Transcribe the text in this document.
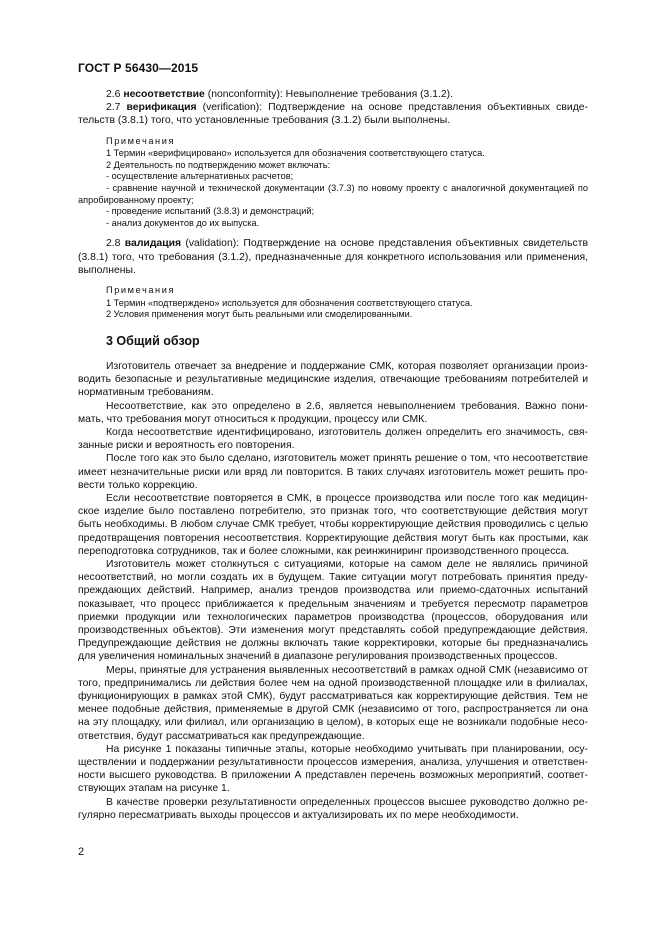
ГОСТ Р 56430—2015

2.6 несоответствие (nonconformity): Невыполнение требования (3.1.2).

2.7 верификация (verification): Подтверждение на основе представления объективных свиде-тельств (3.8.1) того, что установленные требования (3.1.2) были выполнены.

Примечания
1 Термин «верифицировано» используется для обозначения соответствующего статуса.
2 Деятельность по подтверждению может включать:
- осуществление альтернативных расчетов;
- сравнение научной и технической документации (3.7.3) по новому проекту с аналогичной документацией по апробированному проекту;
- проведение испытаний (3.8.3) и демонстраций;
- анализ документов до их выпуска.

2.8 валидация (validation): Подтверждение на основе представления объективных свидетельств (3.8.1) того, что требования (3.1.2), предназначенные для конкретного использования или применения, выполнены.

Примечания
1 Термин «подтверждено» используется для обозначения соответствующего статуса.
2 Условия применения могут быть реальными или смоделированными.
3 Общий обзор

Изготовитель отвечает за внедрение и поддержание СМК, которая позволяет организации произ-водить безопасные и результативные медицинские изделия, отвечающие требованиям потребителей и нормативным требованиям.

Несоответствие, как это определено в 2.6, является невыполнением требования. Важно пони-мать, что требования могут относиться к продукции, процессу или СМК.

Когда несоответствие идентифицировано, изготовитель должен определить его значимость, свя-занные риски и вероятность его повторения.

После того как это было сделано, изготовитель может принять решение о том, что несоответствие имеет незначительные риски или вряд ли повторится. В таких случаях изготовитель может решить про-вести только коррекцию.

Если несоответствие повторяется в СМК, в процессе производства или после того как медицин-ское изделие было поставлено потребителю, это признак того, что соответствующие действия могут быть необходимы. В любом случае СМК требует, чтобы корректирующие действия проводились с целью предотвращения повторения несоответствия. Корректирующие действия могут быть как простыми, как переподготовка сотрудников, так и более сложными, как реинжиниринг производственного процесса.

Изготовитель может столкнуться с ситуациями, которые на самом деле не являлись причиной несоответствий, но могли создать их в будущем. Такие ситуации могут потребовать принятия преду-преждающих действий. Например, анализ трендов производства или приемо-сдаточных испытаний показывает, что процесс приближается к предельным значениям и требуется пересмотр параметров приемки продукции или технологических параметров производства (процессов, оборудования или производственных объектов). Эти изменения могут представлять собой предупреждающие действия. Предупреждающие действия не должны включать такие корректировки, которые бы предназначались для увеличения номинальных значений в диапазоне регулирования производственных процессов.

Меры, принятые для устранения выявленных несоответствий в рамках одной СМК (независимо от того, предпринимались ли действия более чем на одной производственной площадке или в филиалах, функционирующих в рамках этой СМК), будут рассматриваться как корректирующие действия. Тем не менее подобные действия, применяемые в другой СМК (независимо от того, распространяется ли она на эту площадку, или филиал, или организацию в целом), в которых еще не возникали подобные несо-ответствия, будут рассматриваться как предупреждающие.

На рисунке 1 показаны типичные этапы, которые необходимо учитывать при планировании, осу-ществлении и поддержании результативности процессов измерения, анализа, улучшения и ответствен-ности высшего руководства. В приложении А представлен перечень возможных мероприятий, соответ-ствующих этапам на рисунке 1.

В качестве проверки результативности определенных процессов высшее руководство должно ре-гулярно пересматривать выходы процессов и актуализировать их по мере необходимости.

2
